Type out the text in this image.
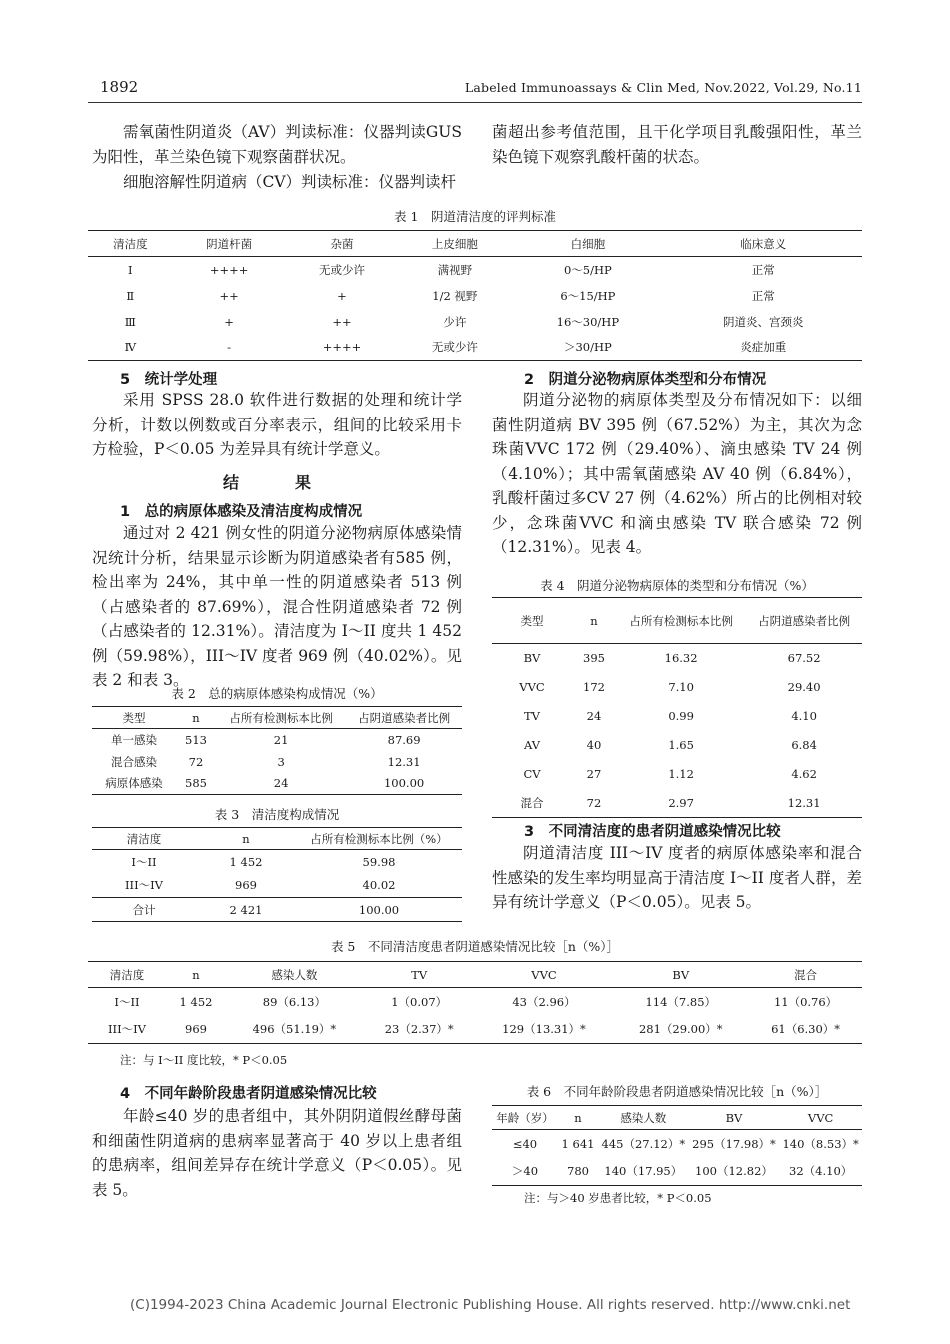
1892	Labeled Immunoassays & Clin Med, Nov.2022, Vol.29, No.11
需氧菌性阴道炎（AV）判读标准：仪器判读GUS为阳性，革兰染色镜下观察菌群状况。
细胞溶解性阴道病（CV）判读标准：仪器判读杆
菌超出参考值范围，且干化学项目乳酸强阳性，革兰染色镜下观察乳酸杆菌的状态。
表 1　阴道清洁度的评判标准
清洁度	阴道杆菌	杂菌	上皮细胞	白细胞	临床意义
Ⅰ	++++	无或少许	满视野	0～5/HP	正常
Ⅱ	++	+	1/2 视野	6～15/HP	正常
Ⅲ	+	++	少许	16～30/HP	阴道炎、宫颈炎
Ⅳ	-	++++	无或少许	＞30/HP	炎症加重
5　统计学处理
采用 SPSS 28.0 软件进行数据的处理和统计学分析，计数以例数或百分率表示，组间的比较采用卡方检验，P＜0.05 为差异具有统计学意义。
结　果
1　总的病原体感染及清洁度构成情况
通过对 2 421 例女性的阴道分泌物病原体感染情况统计分析，结果显示诊断为阴道感染者有585 例，检出率为 24%，其中单一性的阴道感染者 513 例（占感染者的 87.69%），混合性阴道感染者 72 例（占感染者的 12.31%）。清洁度为 I～II 度共 1 452 例（59.98%），III～IV 度者 969 例（40.02%）。见表 2 和表 3。
表 2　总的病原体感染构成情况（%）
类型	n	占所有检测标本比例	占阴道感染者比例
单一感染	513	21	87.69
混合感染	72	3	12.31
病原体感染	585	24	100.00
表 3　清洁度构成情况
清洁度	n	占所有检测标本比例（%）
I～II	1 452	59.98
III～IV	969	40.02
合计	2 421	100.00
2　阴道分泌物病原体类型和分布情况
阴道分泌物的病原体类型及分布情况如下：以细菌性阴道病 BV 395 例（67.52%）为主，其次为念珠菌VVC 172 例（29.40%）、滴虫感染 TV 24 例（4.10%）；其中需氧菌感染 AV 40 例（6.84%），乳酸杆菌过多CV 27 例（4.62%）所占的比例相对较少，念珠菌VVC 和滴虫感染 TV 联合感染 72 例（12.31%）。见表 4。
表 4　阴道分泌物病原体的类型和分布情况（%）
类型	n	占所有检测标本比例	占阴道感染者比例
BV	395	16.32	67.52
VVC	172	7.10	29.40
TV	24	0.99	4.10
AV	40	1.65	6.84
CV	27	1.12	4.62
混合	72	2.97	12.31
3　不同清洁度的患者阴道感染情况比较
阴道清洁度 III～IV 度者的病原体感染率和混合性感染的发生率均明显高于清洁度 I～II 度者人群，差异有统计学意义（P＜0.05）。见表 5。
表 5　不同清洁度患者阴道感染情况比较［n（%）］
清洁度	n	感染人数	TV	VVC	BV	混合
I～II	1 452	89（6.13）	1（0.07）	43（2.96）	114（7.85）	11（0.76）
III～IV	969	496（51.19）*	23（2.37）*	129（13.31）*	281（29.00）*	61（6.30）*
注：与 I～II 度比较，* P＜0.05
4　不同年龄阶段患者阴道感染情况比较
年龄≤40 岁的患者组中，其外阴阴道假丝酵母菌和细菌性阴道病的患病率显著高于 40 岁以上患者组的患病率，组间差异存在统计学意义（P＜0.05）。见表 5。
表 6　不同年龄阶段患者阴道感染情况比较［n（%）］
年龄（岁）	n	感染人数	BV	VVC
≤40	1 641	445（27.12）*	295（17.98）*	140（8.53）*
＞40	780	140（17.95）	100（12.82）	32（4.10）
注：与＞40 岁患者比较，* P＜0.05
(C)1994-2023 China Academic Journal Electronic Publishing House. All rights reserved. http://www.cnki.net
